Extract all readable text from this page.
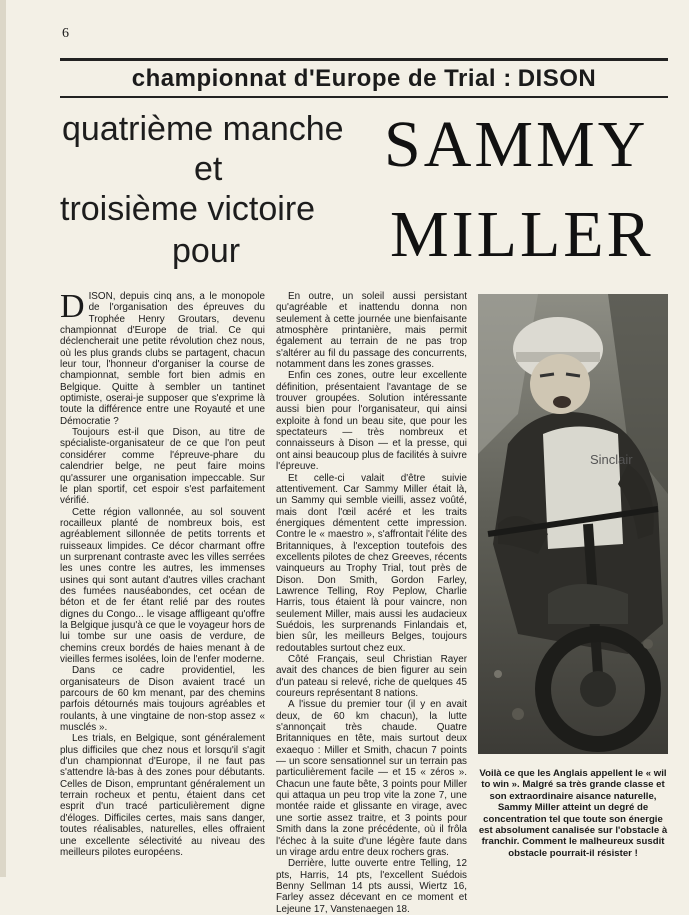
6
championnat d'Europe de Trial : DISON
quatrième manche
et
troisième victoire
pour
SAMMY
MILLER

DISON, depuis cinq ans, a le monopole de l'organisation des épreuves du Trophée Henry Groutars, devenu championnat d'Europe de trial. Ce qui déclencherait une petite révolution chez nous, où les plus grands clubs se partagent, chacun leur tour, l'honneur d'organiser la course de championnat, semble fort bien admis en Belgique. Quitte à sembler un tantinet optimiste, oserai-je supposer que s'exprime là toute la différence entre une Royauté et une Démocratie ?

Toujours est-il que Dison, au titre de spécialiste-organisateur de ce que l'on peut considérer comme l'épreuve-phare du calendrier belge, ne peut faire moins qu'assurer une organisation impeccable. Sur le plan sportif, cet espoir s'est parfaitement vérifié.

Cette région vallonnée, au sol souvent rocailleux planté de nombreux bois, est agréablement sillonnée de petits torrents et ruisseaux limpides. Ce décor charmant offre un surprenant contraste avec les villes serrées les unes contre les autres, les immenses usines qui sont autant d'autres villes crachant des fumées nauséabondes, cet océan de béton et de fer étant relié par des routes dignes du Congo... le visage affligeant qu'offre la Belgique jusqu'à ce que le voyageur hors de lui tombe sur une oasis de verdure, de chemins creux bordés de haies menant à de vieilles fermes isolées, loin de l'enfer moderne.

Dans ce cadre providentiel, les organisateurs de Dison avaient tracé un parcours de 60 km menant, par des chemins parfois détournés mais toujours agréables et roulants, à une vingtaine de non-stop assez « musclés ».

Les trials, en Belgique, sont généralement plus difficiles que chez nous et lorsqu'il s'agit d'un championnat d'Europe, il ne faut pas s'attendre là-bas à des zones pour débutants. Celles de Dison, empruntant généralement un terrain rocheux et pentu, étaient dans cet esprit d'un tracé particulièrement digne d'éloges. Difficiles certes, mais sans danger, toutes réalisables, naturelles, elles offraient une excellente sélectivité au niveau des meilleurs pilotes européens.

En outre, un soleil aussi persistant qu'agréable et inattendu donna non seulement à cette journée une bienfaisante atmosphère printanière, mais permit également au terrain de ne pas trop s'altérer au fil du passage des concurrents, notamment dans les zones grasses.

Enfin ces zones, outre leur excellente définition, présentaient l'avantage de se trouver groupées. Solution intéressante aussi bien pour l'organisateur, qui ainsi exploite à fond un beau site, que pour les spectateurs — très nombreux et connaisseurs à Dison — et la presse, qui ont ainsi beaucoup plus de facilités à suivre l'épreuve.

Et celle-ci valait d'être suivie attentivement. Car Sammy Miller était là, un Sammy qui semble vieilli, assez voûté, mais dont l'œil acéré et les traits énergiques démentent cette impression. Contre le « maestro », s'affrontait l'élite des Britanniques, à l'exception toutefois des excellents pilotes de chez Greeves, récents vainqueurs au Trophy Trial, tout près de Dison. Don Smith, Gordon Farley, Lawrence Telling, Roy Peplow, Charlie Harris, tous étaient là pour vaincre, non seulement Miller, mais aussi les audacieux Suédois, les surprenands Finlandais et, bien sûr, les meilleurs Belges, toujours redoutables surtout chez eux.

Côté Français, seul Christian Rayer avait des chances de bien figurer au sein d'un pateau si relevé, riche de quelques 45 coureurs représentant 8 nations.

A l'issue du premier tour (il y en avait deux, de 60 km chacun), la lutte s'annonçait très chaude. Quatre Britanniques en tête, mais surtout deux exaequo : Miller et Smith, chacun 7 points — un score sensationnel sur un terrain pas particulièrement facile — et 15 « zéros ». Chacun une faute bête, 3 points pour Miller qui attaqua un peu trop vite la zone 7, une montée raide et glissante en virage, avec une sortie assez traitre, et 3 points pour Smith dans la zone précédente, où il frôla l'échec à la suite d'une légère faute dans un virage ardu entre deux rochers gras.

Derrière, lutte ouverte entre Telling, 12 pts, Harris, 14 pts, l'excellent Suédois Benny Sellman 14 pts aussi, Wiertz 16, Farley assez décevant en ce moment et Lejeune 17, Vanstenaegen 18.

Sinclair
Voilà ce que les Anglais appellent le « wil to win ». Malgré sa très grande classe et son extraordinaire aisance naturelle, Sammy Miller atteint un degré de concentration tel que toute son énergie est absolument canalisée sur l'obstacle à franchir. Comment le malheureux susdit obstacle pourrait-il résister !
